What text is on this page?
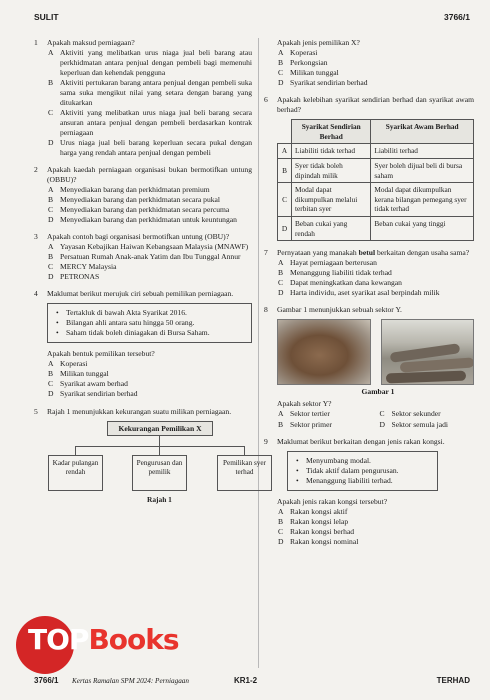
SULIT	3766/1
1 Apakah maksud perniagaan?
A Aktiviti yang melibatkan urus niaga jual beli barang atau perkhidmatan antara penjual dengan pembeli bagi memenuhi keperluan dan kehendak pengguna
B Aktiviti pertukaran barang antara penjual dengan pembeli suka sama suka mengikut nilai yang setara dengan barang yang ditukarkan
C Aktiviti yang melibatkan urus niaga jual beli barang secara ansuran antara penjual dengan pembeli berdasarkan kontrak perniagaan
D Urus niaga jual beli barang keperluan secara pukal dengan harga yang rendah antara penjual dengan pembeli
2 Apakah kaedah perniagaan organisasi bukan bermotifkan untung (OBBU)?
A Menyediakan barang dan perkhidmatan premium
B Menyediakan barang dan perkhidmatan secara pukal
C Menyediakan barang dan perkhidmatan secara percuma
D Menyediakan barang dan perkhidmatan untuk keuntungan
3 Apakah contoh bagi organisasi bermotifkan untung (OBU)?
A Yayasan Kebajikan Haiwan Kebangsaan Malaysia (MNAWF)
B Persatuan Rumah Anak-anak Yatim dan Ibu Tunggal Annur
C MERCY Malaysia
D PETRONAS
4 Maklumat berikut merujuk ciri sebuah pemilikan perniagaan.
• Tertakluk di bawah Akta Syarikat 2016.
• Bilangan ahli antara satu hingga 50 orang.
• Saham tidak boleh diniagakan di Bursa Saham.
Apakah bentuk pemilikan tersebut?
A Koperasi
B Milikan tunggal
C Syarikat awam berhad
D Syarikat sendirian berhad
5 Rajah 1 menunjukkan kekurangan suatu milikan perniagaan.
Kekurangan Pemilikan X
Kadar pulangan rendah
Pengurusan dan pemilik
Pemilikan syer terhad
Rajah 1
Apakah jenis pemilikan X?
A Koperasi
B Perkongsian
C Milikan tunggal
D Syarikat sendirian berhad
6 Apakah kelebihan syarikat sendirian berhad dan syarikat awam berhad?
	Syarikat Sendirian Berhad	Syarikat Awam Berhad
A	Liabiliti tidak terhad	Liabiliti terhad
B	Syer tidak boleh dipindah milik	Syer boleh dijual beli di bursa saham
C	Modal dapat dikumpulkan melalui terbitan syer	Modal dapat dikumpulkan kerana bilangan pemegang syer tidak terhad
D	Beban cukai yang rendah	Beban cukai yang tinggi
7 Pernyataan yang manakah betul berkaitan dengan usaha sama?
A Hayat perniagaan berterusan
B Menanggung liabiliti tidak terhad
C Dapat meningkatkan dana kewangan
D Harta individu, aset syarikat asal berpindah milik
8 Gambar 1 menunjukkan sebuah sektor Y.
Gambar 1
Apakah sektor Y?
A Sektor tertier	C Sektor sekunder
B Sektor primer	D Sektor semula jadi
9 Maklumat berikut berkaitan dengan jenis rakan kongsi.
• Menyumbang modal.
• Tidak aktif dalam pengurusan.
• Menanggung liabiliti terhad.
Apakah jenis rakan kongsi tersebut?
A Rakan kongsi aktif
B Rakan kongsi lelap
C Rakan kongsi berhad
D Rakan kongsi nominal
TOPBooks
3766/1 Kertas Ramalan SPM 2024: Perniagaan	KR1-2	TERHAD
